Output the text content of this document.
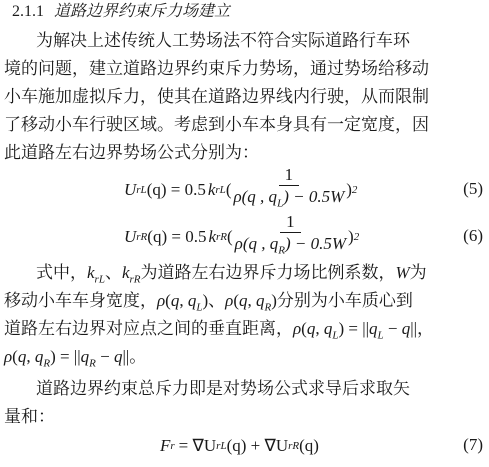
2.1.1 道路边界约束斥力场建立
为解决上述传统人工势场法不符合实际道路行车环
境的问题，建立道路边界约束斥力势场，通过势场给移动
小车施加虚拟斥力，使其在道路边界线内行驶，从而限制
了移动小车行驶区域。考虑到小车本身具有一定宽度，因
此道路左右边界势场公式分别为：
U rL (q) = 0.5 k rL ( $\frac{1}{\rho(q , q_L) - 0.5W}$ ) 2	(5)
U rR (q) = 0.5 k rR ( $\frac{1}{\rho(q , q_R) - 0.5W}$ ) 2	(6)
式中，$k_{rL}$、$k_{rR}$为道路左右边界斥力场比例系数，W为
移动小车车身宽度，ρ(q, $q_L$)、ρ(q, $q_R$)分别为小车质心到
道路左右边界对应点之间的垂直距离，ρ(q, $q_L) = ||q_L - q||$，
ρ(q, $q_R) = ||q_R - q||$。
道路边界约束总斥力即是对势场公式求导后求取矢
量和：
F r = ∇U rL (q) + ∇U rR (q)	(7)
